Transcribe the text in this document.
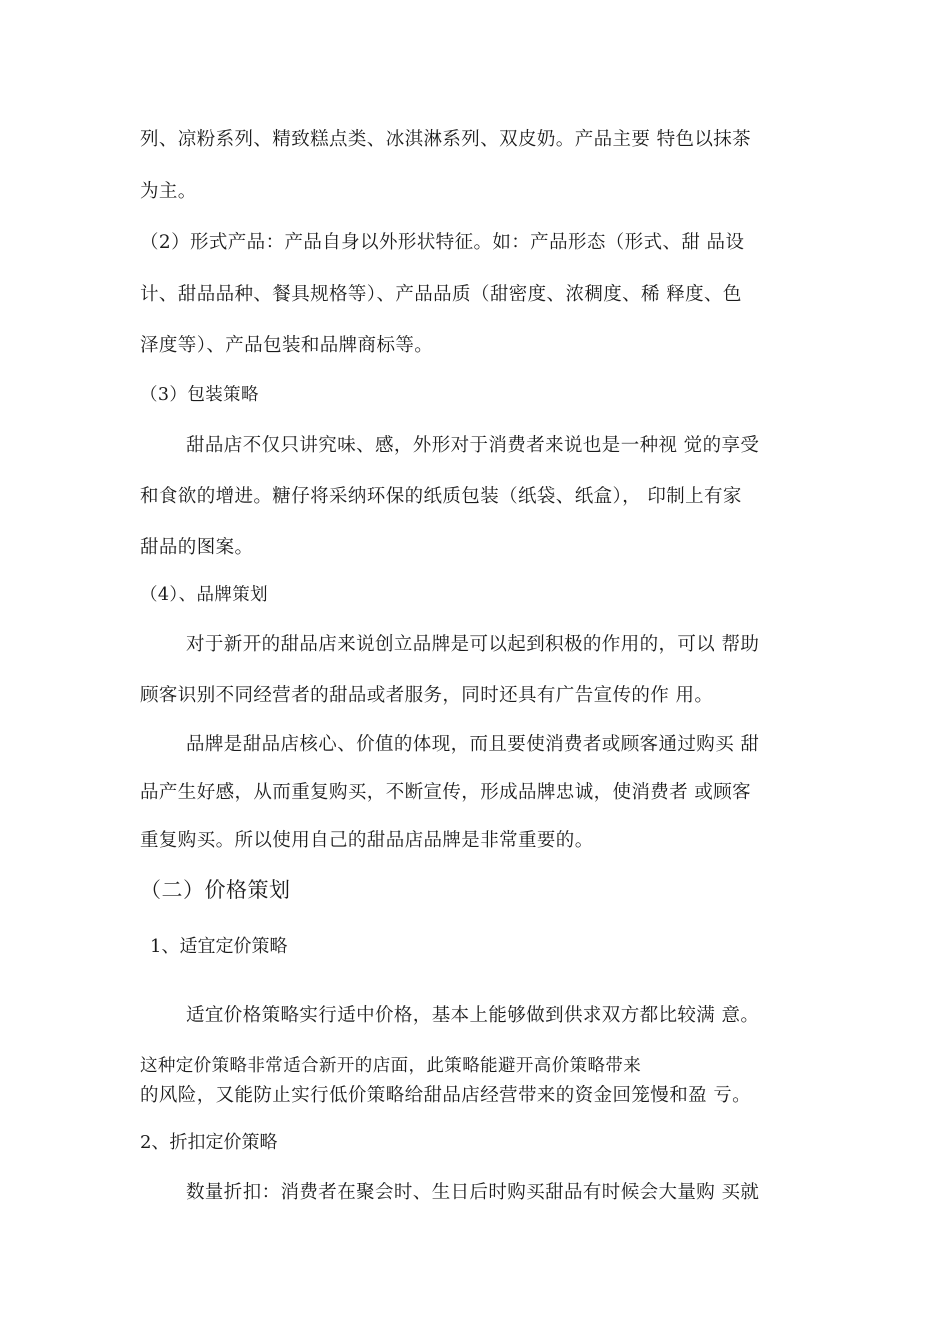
列、凉粉系列、精致糕点类、冰淇淋系列、双皮奶。产品主要 特色以抹茶
为主。
（2）形式产品：产品自身以外形状特征。如：产品形态（形式、甜 品设
计、甜品品种、餐具规格等）、产品品质（甜密度、浓稠度、稀 释度、色
泽度等）、产品包装和品牌商标等。
（3）包装策略
甜品店不仅只讲究味、感，外形对于消费者来说也是一种视 觉的享受
和食欲的增进。糖仔将采纳环保的纸质包装（纸袋、纸盒）， 印制上有家
甜品的图案。
（4）、品牌策划
对于新开的甜品店来说创立品牌是可以起到积极的作用的，可以 帮助
顾客识别不同经营者的甜品或者服务，同时还具有广告宣传的作 用。
品牌是甜品店核心、价值的体现，而且要使消费者或顾客通过购买 甜
品产生好感，从而重复购买，不断宣传，形成品牌忠诚，使消费者 或顾客
重复购买。所以使用自己的甜品店品牌是非常重要的。
（二）价格策划
1、适宜定价策略
适宜价格策略实行适中价格，基本上能够做到供求双方都比较满 意。
这种定价策略非常适合新开的店面，此策略能避开高价策略带来
的风险，又能防止实行低价策略给甜品店经营带来的资金回笼慢和盈 亏。
2、折扣定价策略
数量折扣：消费者在聚会时、生日后时购买甜品有时候会大量购 买就
